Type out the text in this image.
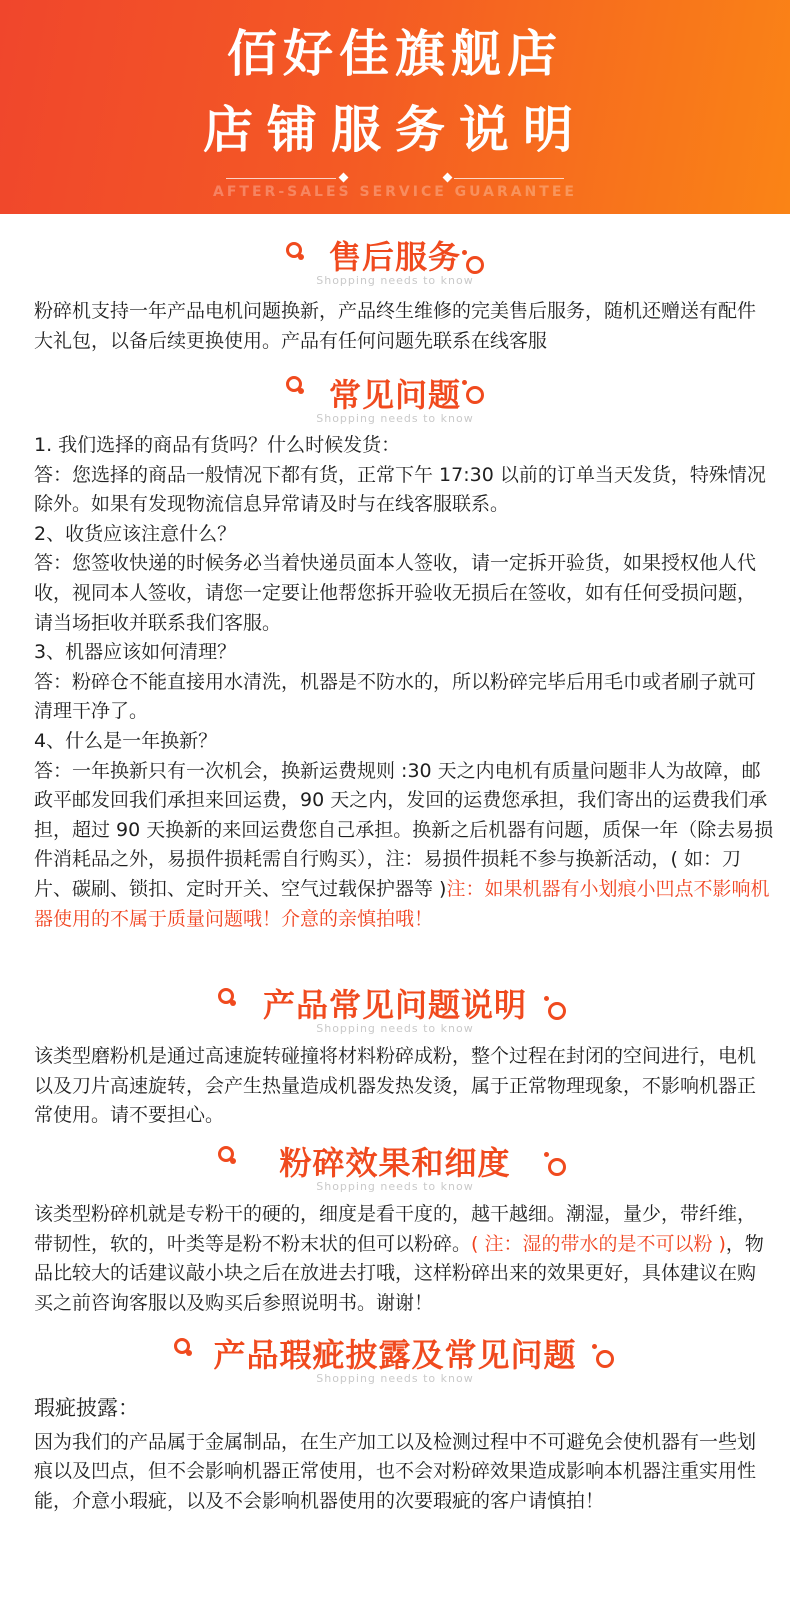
佰好佳旗舰店
店铺服务说明
AFTER-SALES SERVICE GUARANTEE
售后服务
Shopping needs to know
粉碎机支持一年产品电机问题换新，产品终生维修的完美售后服务，随机还赠送有配件大礼包，以备后续更换使用。产品有任何问题先联系在线客服
常见问题
Shopping needs to know
1. 我们选择的商品有货吗？什么时候发货：
答：您选择的商品一般情况下都有货，正常下午 17:30 以前的订单当天发货，特殊情况除外。如果有发现物流信息异常请及时与在线客服联系。
2、收货应该注意什么？
答：您签收快递的时候务必当着快递员面本人签收，请一定拆开验货，如果授权他人代收，视同本人签收，请您一定要让他帮您拆开验收无损后在签收，如有任何受损问题，请当场拒收并联系我们客服。
3、机器应该如何清理？
答：粉碎仓不能直接用水清洗，机器是不防水的，所以粉碎完毕后用毛巾或者刷子就可清理干净了。
4、什么是一年换新？
答：一年换新只有一次机会，换新运费规则 :30 天之内电机有质量问题非人为故障，邮政平邮发回我们承担来回运费，90 天之内，发回的运费您承担，我们寄出的运费我们承担，超过 90 天换新的来回运费您自己承担。换新之后机器有问题，质保一年（除去易损件消耗品之外，易损件损耗需自行购买），注：易损件损耗不参与换新活动，( 如：刀片、碳刷、锁扣、定时开关、空气过载保护器等 )注：如果机器有小划痕小凹点不影响机器使用的不属于质量问题哦！介意的亲慎拍哦！
产品常见问题说明
Shopping needs to know
该类型磨粉机是通过高速旋转碰撞将材料粉碎成粉，整个过程在封闭的空间进行，电机以及刀片高速旋转，会产生热量造成机器发热发烫，属于正常物理现象，不影响机器正常使用。请不要担心。
粉碎效果和细度
Shopping needs to know
该类型粉碎机就是专粉干的硬的，细度是看干度的，越干越细。潮湿，量少，带纤维，带韧性，软的，叶类等是粉不粉末状的但可以粉碎。( 注：湿的带水的是不可以粉 )，物品比较大的话建议敲小块之后在放进去打哦，这样粉碎出来的效果更好，具体建议在购买之前咨询客服以及购买后参照说明书。谢谢！
产品瑕疵披露及常见问题
Shopping needs to know
瑕疵披露：
因为我们的产品属于金属制品，在生产加工以及检测过程中不可避免会使机器有一些划痕以及凹点，但不会影响机器正常使用，也不会对粉碎效果造成影响本机器注重实用性能，介意小瑕疵，以及不会影响机器使用的次要瑕疵的客户请慎拍！
